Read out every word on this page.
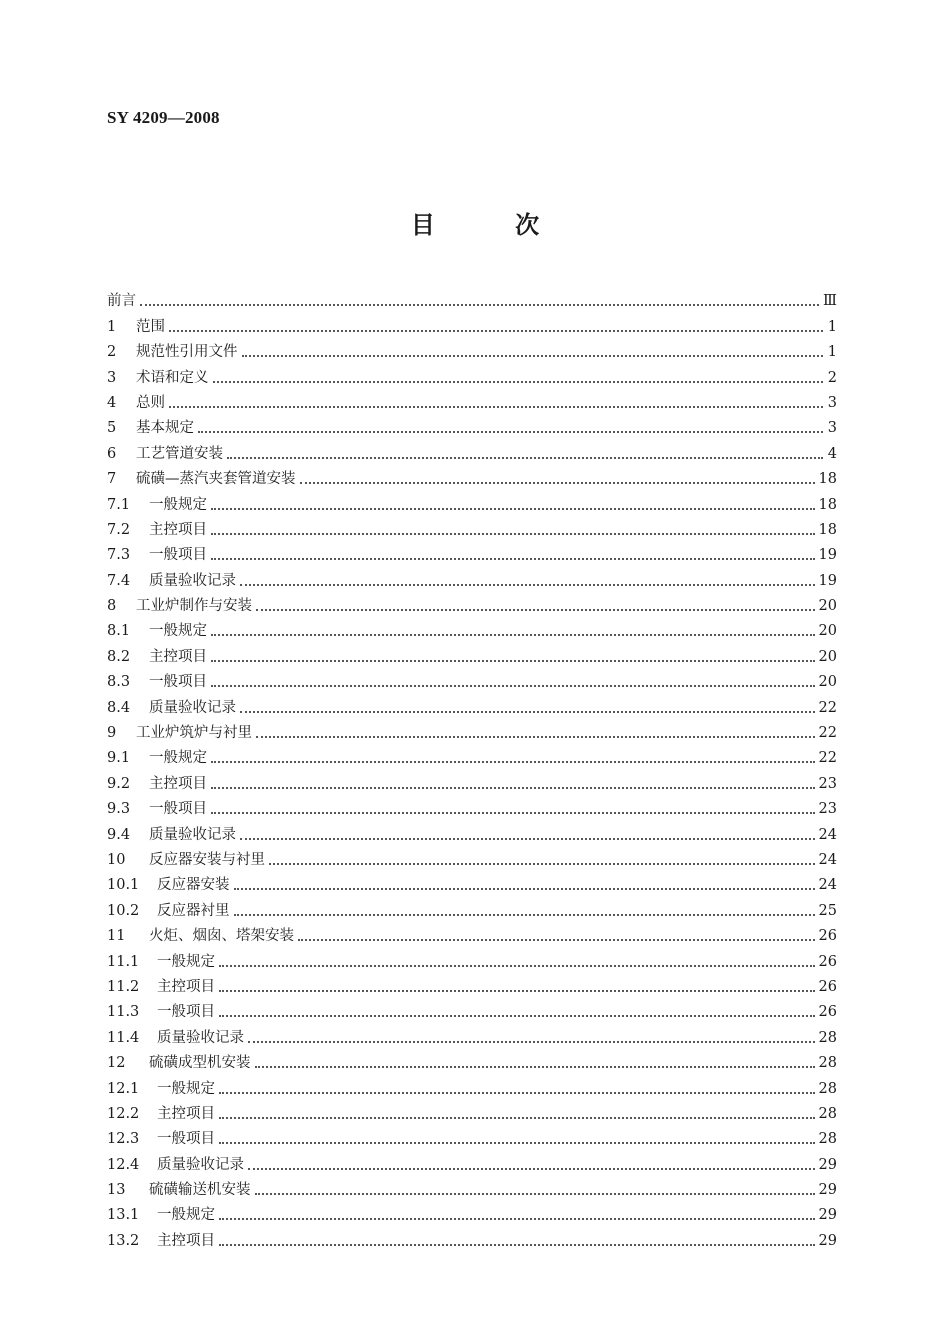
SY 4209—2008
目 次
前言	Ⅲ
1	范围	1
2	规范性引用文件	1
3	术语和定义	2
4	总则	3
5	基本规定	3
6	工艺管道安装	4
7	硫磺—蒸汽夹套管道安装	18
7.1	一般规定	18
7.2	主控项目	18
7.3	一般项目	19
7.4	质量验收记录	19
8	工业炉制作与安装	20
8.1	一般规定	20
8.2	主控项目	20
8.3	一般项目	20
8.4	质量验收记录	22
9	工业炉筑炉与衬里	22
9.1	一般规定	22
9.2	主控项目	23
9.3	一般项目	23
9.4	质量验收记录	24
10	反应器安装与衬里	24
10.1	反应器安装	24
10.2	反应器衬里	25
11	火炬、烟囱、塔架安装	26
11.1	一般规定	26
11.2	主控项目	26
11.3	一般项目	26
11.4	质量验收记录	28
12	硫磺成型机安装	28
12.1	一般规定	28
12.2	主控项目	28
12.3	一般项目	28
12.4	质量验收记录	29
13	硫磺输送机安装	29
13.1	一般规定	29
13.2	主控项目	29
